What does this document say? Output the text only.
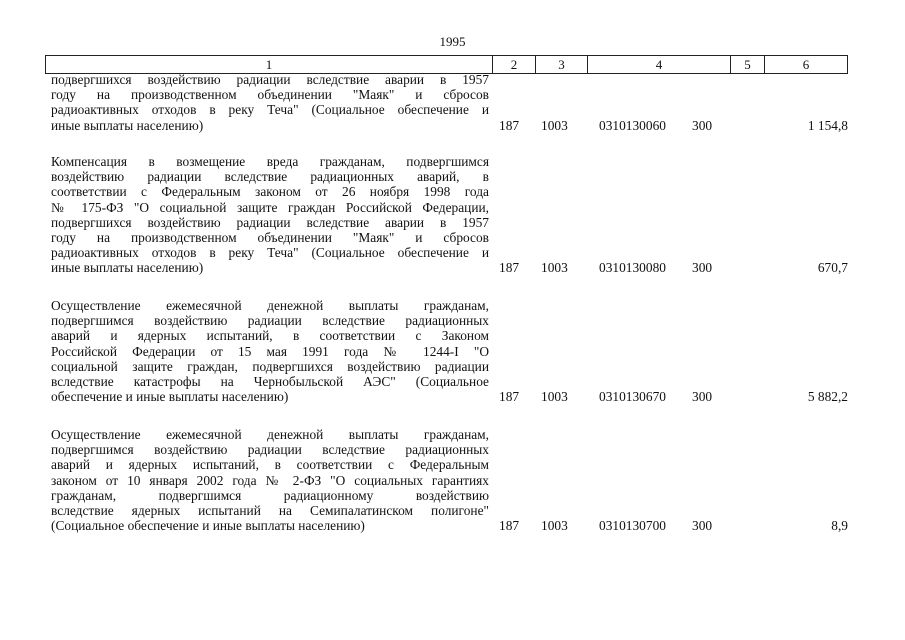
1995
1	2	3	4	5	6
подвергшихся воздействию радиации вследствие аварии в 1957
году на производственном объединении "Маяк" и сбросов
радиоактивных отходов в реку Теча" (Социальное обеспечение и
иные выплаты населению)	187 1003 0310130060 300	1 154,8
Компенсация в возмещение вреда гражданам, подвергшимся
воздействию радиации вследствие радиационных аварий, в
соответствии с Федеральным законом от 26 ноября 1998 года
№ 175-ФЗ "О социальной защите граждан Российской Федерации,
подвергшихся воздействию радиации вследствие аварии в 1957
году на производственном объединении "Маяк" и сбросов
радиоактивных отходов в реку Теча" (Социальное обеспечение и
иные выплаты населению)	187 1003 0310130080 300	670,7
Осуществление ежемесячной денежной выплаты гражданам,
подвергшимся воздействию радиации вследствие радиационных
аварий и ядерных испытаний, в соответствии с Законом
Российской Федерации от 15 мая 1991 года № 1244-I "О
социальной защите граждан, подвергшихся воздействию радиации
вследствие катастрофы на Чернобыльской АЭС" (Социальное
обеспечение и иные выплаты населению)	187 1003 0310130670 300	5 882,2
Осуществление ежемесячной денежной выплаты гражданам,
подвергшимся воздействию радиации вследствие радиационных
аварий и ядерных испытаний, в соответствии с Федеральным
законом от 10 января 2002 года № 2-ФЗ "О социальных гарантиях
гражданам, подвергшимся радиационному воздействию
вследствие ядерных испытаний на Семипалатинском полигоне"
(Социальное обеспечение и иные выплаты населению)	187 1003 0310130700 300	8,9
